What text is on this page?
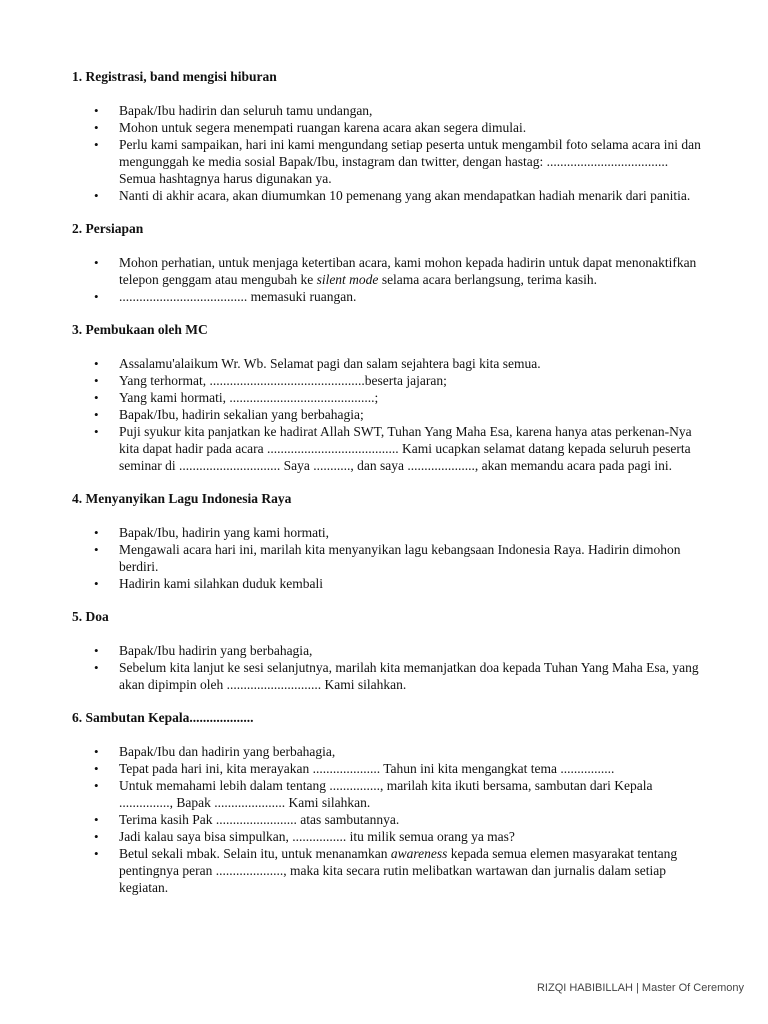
1. Registrasi, band mengisi hiburan

• Bapak/Ibu hadirin dan seluruh tamu undangan,
• Mohon untuk segera menempati ruangan karena acara akan segera dimulai.
• Perlu kami sampaikan, hari ini kami mengundang setiap peserta untuk mengambil foto selama acara ini dan mengunggah ke media sosial Bapak/Ibu, instagram dan twitter, dengan hastag: .................................... Semua hashtagnya harus digunakan ya.
• Nanti di akhir acara, akan diumumkan 10 pemenang yang akan mendapatkan hadiah menarik dari panitia.

2. Persiapan

• Mohon perhatian, untuk menjaga ketertiban acara, kami mohon kepada hadirin untuk dapat menonaktifkan telepon genggam atau mengubah ke silent mode selama acara berlangsung, terima kasih.
• ...................................... memasuki ruangan.

3. Pembukaan oleh MC

• Assalamu'alaikum Wr. Wb. Selamat pagi dan salam sejahtera bagi kita semua.
• Yang terhormat, ..............................................beserta jajaran;
• Yang kami hormati, ...........................................;
• Bapak/Ibu, hadirin sekalian yang berbahagia;
• Puji syukur kita panjatkan ke hadirat Allah SWT, Tuhan Yang Maha Esa, karena hanya atas perkenan-Nya kita dapat hadir pada acara ....................................... Kami ucapkan selamat datang kepada seluruh peserta seminar di .............................. Saya ..........., dan saya ...................., akan memandu acara pada pagi ini.

4. Menyanyikan Lagu Indonesia Raya

• Bapak/Ibu, hadirin yang kami hormati,
• Mengawali acara hari ini, marilah kita menyanyikan lagu kebangsaan Indonesia Raya. Hadirin dimohon berdiri.
• Hadirin kami silahkan duduk kembali

5. Doa

• Bapak/Ibu hadirin yang berbahagia,
• Sebelum kita lanjut ke sesi selanjutnya, marilah kita memanjatkan doa kepada Tuhan Yang Maha Esa, yang akan dipimpin oleh ............................ Kami silahkan.

6. Sambutan Kepala...................

• Bapak/Ibu dan hadirin yang berbahagia,
• Tepat pada hari ini, kita merayakan .................... Tahun ini kita mengangkat tema ................
• Untuk memahami lebih dalam tentang ..............., marilah kita ikuti bersama, sambutan dari Kepala ..............., Bapak ..................... Kami silahkan.
• Terima kasih Pak ........................ atas sambutannya.
• Jadi kalau saya bisa simpulkan, ................ itu milik semua orang ya mas?
• Betul sekali mbak. Selain itu, untuk menanamkan awareness kepada semua elemen masyarakat tentang pentingnya peran ...................., maka kita secara rutin melibatkan wartawan dan jurnalis dalam setiap kegiatan.
RIZQI HABIBILLAH | Master Of Ceremony
